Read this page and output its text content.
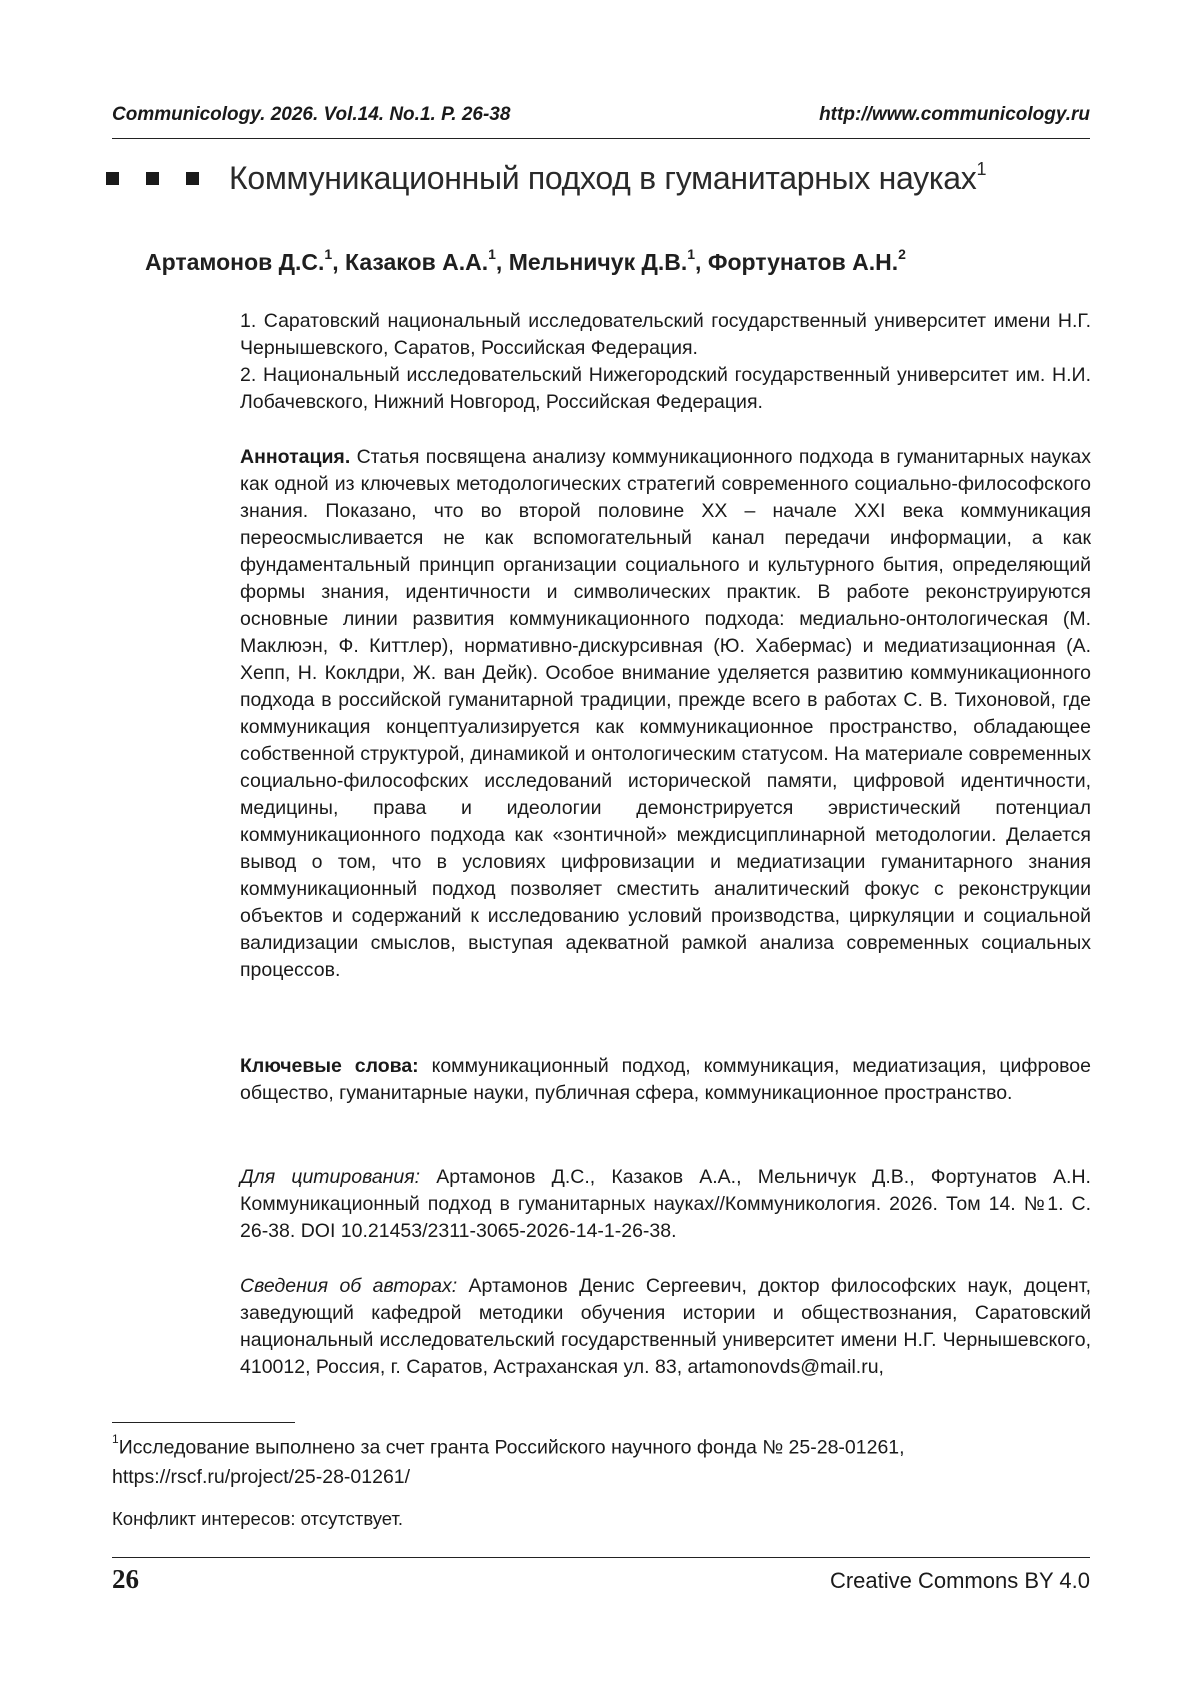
Communicology. 2026. Vol.14. No.1. P. 26-38	http://www.communicology.ru
Коммуникационный подход в гуманитарных науках$^1$
Артамонов Д.С.$^1$, Казаков А.А.$^1$, Мельничук Д.В.$^1$, Фортунатов А.Н.$^2$

1. Саратовский национальный исследовательский государственный университет имени Н.Г. Чернышевского, Саратов, Российская Федерация.

2. Национальный исследовательский Нижегородский государственный университет им. Н.И. Лобачевского, Нижний Новгород, Российская Федерация.

Аннотация. Статья посвящена анализу коммуникационного подхода в гуманитарных науках как одной из ключевых методологических стратегий современного социально-философского знания. Показано, что во второй половине XX – начале XXI века коммуникация переосмысливается не как вспомогательный канал передачи информации, а как фундаментальный принцип организации социального и культурного бытия, определяющий формы знания, идентичности и символических практик. В работе реконструируются основные линии развития коммуникационного подхода: медиально-онтологическая (М. Маклюэн, Ф. Киттлер), нормативно-дискурсивная (Ю. Хабермас) и медиатизационная (А. Хепп, Н. Коклдри, Ж. ван Дейк). Особое внимание уделяется развитию коммуникационного подхода в российской гуманитарной традиции, прежде всего в работах С. В. Тихоновой, где коммуникация концептуализируется как коммуникационное пространство, обладающее собственной структурой, динамикой и онтологическим статусом. На материале современных социально-философских исследований исторической памяти, цифровой идентичности, медицины, права и идеологии демонстрируется эвристический потенциал коммуникационного подхода как «зонтичной» междисциплинарной методологии. Делается вывод о том, что в условиях цифровизации и медиатизации гуманитарного знания коммуникационный подход позволяет сместить аналитический фокус с реконструкции объектов и содержаний к исследованию условий производства, циркуляции и социальной валидизации смыслов, выступая адекватной рамкой анализа современных социальных процессов.

Ключевые слова: коммуникационный подход, коммуникация, медиатизация, цифровое общество, гуманитарные науки, публичная сфера, коммуникационное пространство.

Для цитирования: Артамонов Д.С., Казаков А.А., Мельничук Д.В., Фортунатов А.Н. Коммуникационный подход в гуманитарных науках//Коммуникология. 2026. Том 14. №1. С. 26-38. DOI 10.21453/2311-3065-2026-14-1-26-38.

Сведения об авторах: Артамонов Денис Сергеевич, доктор философских наук, доцент, заведующий кафедрой методики обучения истории и обществознания, Саратовский национальный исследовательский государственный университет имени Н.Г. Чернышевского, 410012, Россия, г. Саратов, Астраханская ул. 83, artamonovds@mail.ru,

$^1$Исследование выполнено за счет гранта Российского научного фонда № 25-28-01261, https://rscf.ru/project/25-28-01261/
Конфликт интересов: отсутствует.
26	Creative Commons BY 4.0
